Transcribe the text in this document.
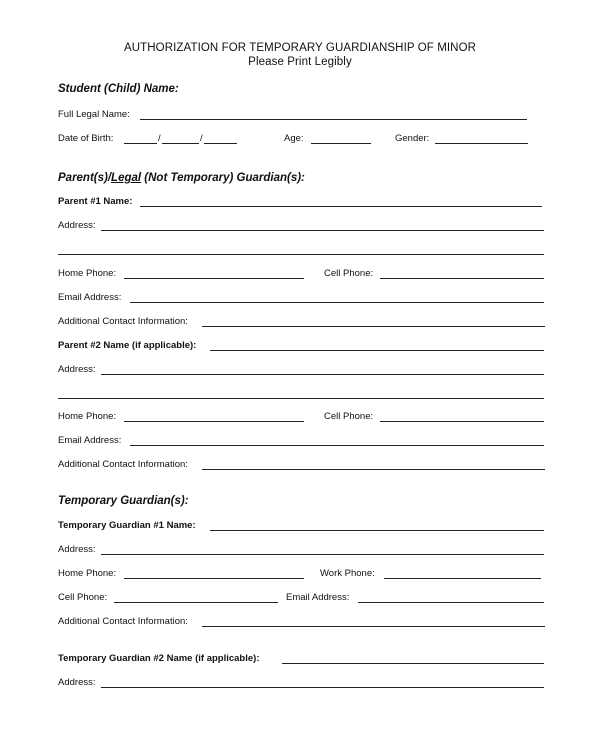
AUTHORIZATION FOR TEMPORARY GUARDIANSHIP OF MINOR
Please Print Legibly
Student (Child) Name:
Full Legal Name:
Date of Birth:	/	/	Age:	Gender:
Parent(s)/Legal (Not Temporary) Guardian(s):
Parent #1 Name:
Address:
Home Phone:	Cell Phone:
Email Address:
Additional Contact Information:
Parent #2 Name (if applicable):
Address:
Home Phone:	Cell Phone:
Email Address:
Additional Contact Information:
Temporary Guardian(s):
Temporary Guardian #1 Name:
Address:
Home Phone:	Work Phone:
Cell Phone:	Email Address:
Additional Contact Information:
Temporary Guardian #2 Name (if applicable):
Address:
